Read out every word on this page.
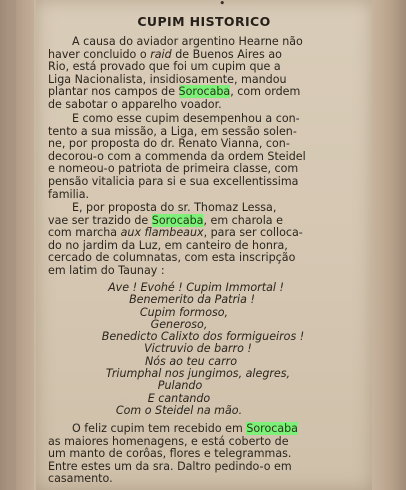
•
CUPIM HISTORICO
A causa do aviador argentino Hearne não
haver concluido o raid de Buenos Aires ao
Rio, está provado que foi um cupim que a
Liga Nacionalista, insidiosamente, mandou
plantar nos campos de Sorocaba, com ordem
de sabotar o apparelho voador.
E como esse cupim desempenhou a con-
tento a sua missão, a Liga, em sessão solen-
ne, por proposta do dr. Renato Vianna, con-
decorou-o com a commenda da ordem Steidel
e nomeou-o patriota de primeira classe, com
pensão vitalicia para si e sua excellentissima
familia.
E, por proposta do sr. Thomaz Lessa,
vae ser trazido de Sorocaba, em charola e
com marcha aux flambeaux, para ser colloca-
do no jardim da Luz, em canteiro de honra,
cercado de columnatas, com esta inscripção
em latim do Taunay :
Ave ! Evohé ! Cupim Immortal !
Benemerito da Patria !
Cupim formoso,
Generoso,
Benedicto Calixto dos formigueiros !
Victruvio de barro !
Nós ao teu carro
Triumphal nos jungimos, alegres,
Pulando
E cantando
Com o Steidel na mão.
O feliz cupim tem recebido em Sorocaba
as maiores homenagens, e está coberto de
um manto de corôas, flores e telegrammas.
Entre estes um da sra. Daltro pedindo-o em
casamento.
